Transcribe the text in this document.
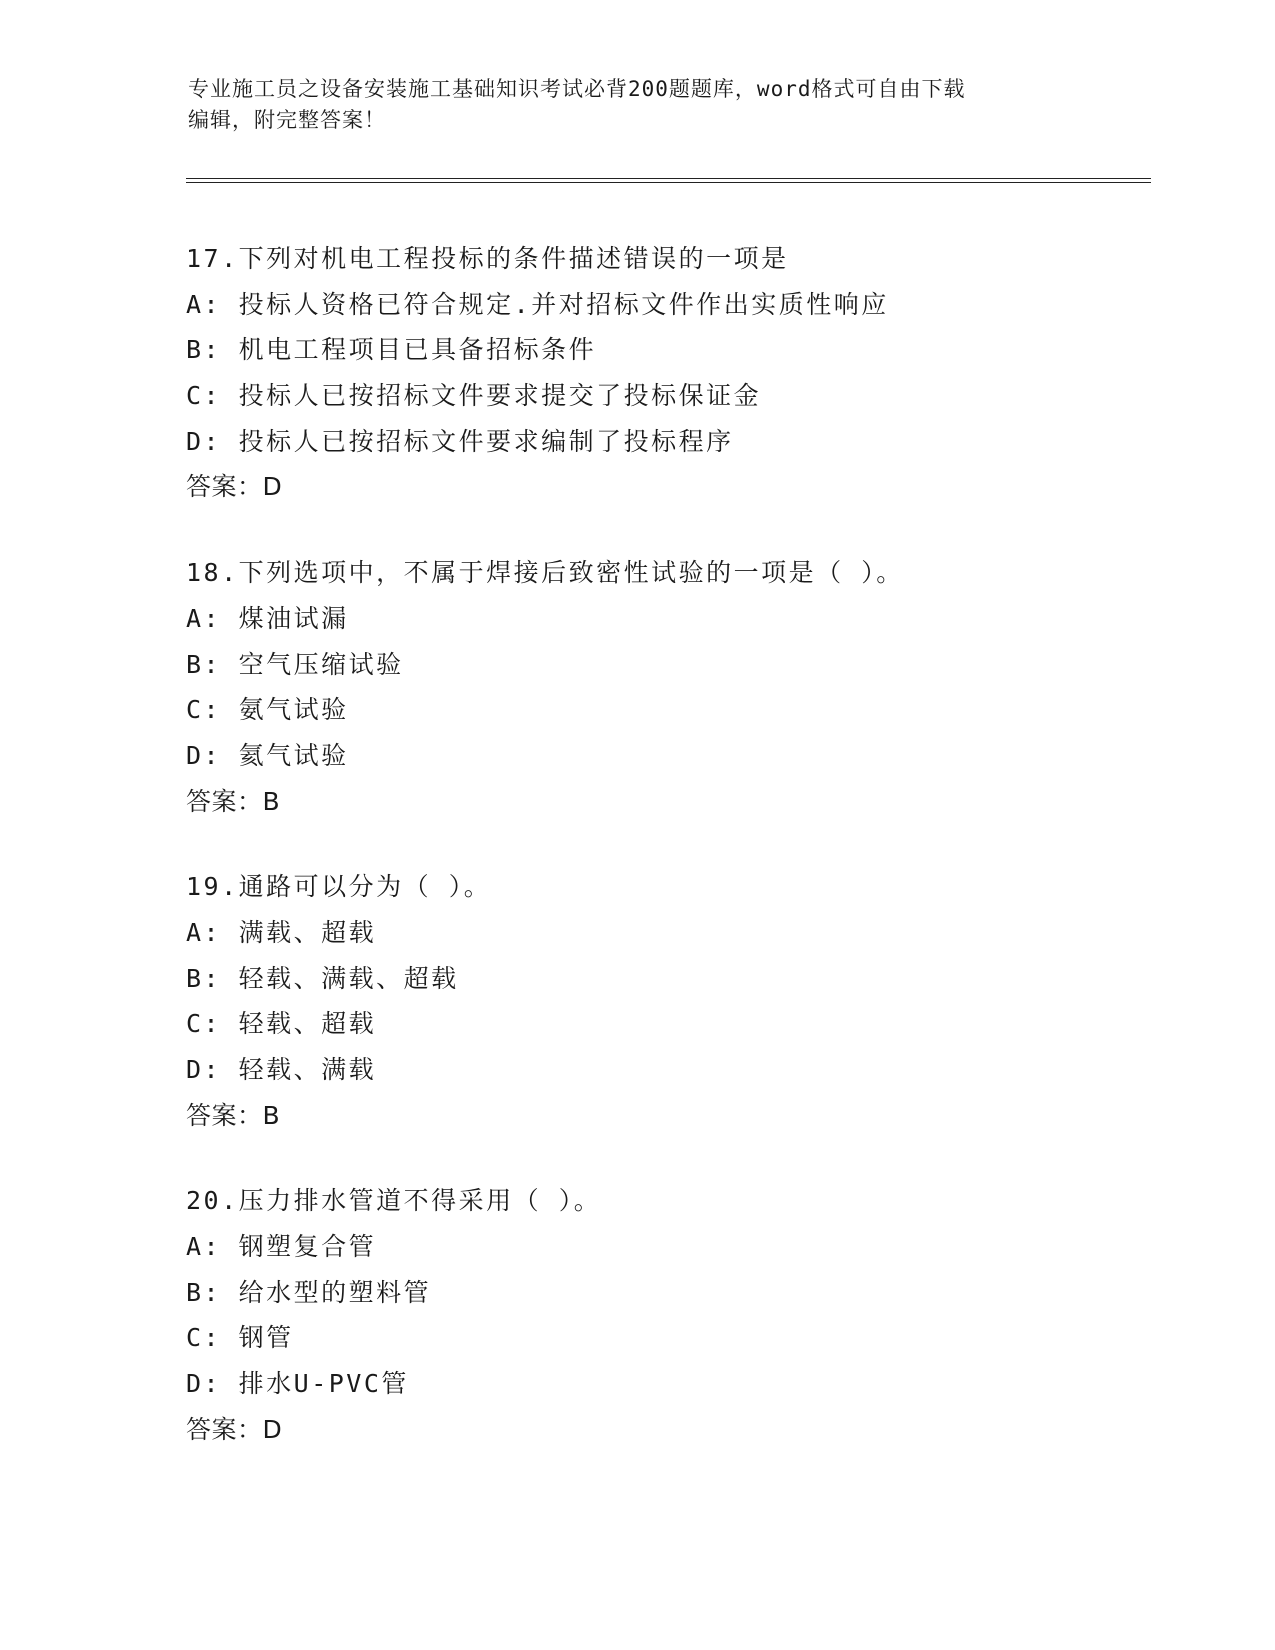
专业施工员之设备安装施工基础知识考试必背200题题库，word格式可自由下载
编辑，附完整答案！
17.下列对机电工程投标的条件描述错误的一项是
A: 投标人资格已符合规定.并对招标文件作出实质性响应
B: 机电工程项目已具备招标条件
C: 投标人已按招标文件要求提交了投标保证金
D: 投标人已按招标文件要求编制了投标程序
答案：D
18.下列选项中，不属于焊接后致密性试验的一项是（ ）。
A: 煤油试漏
B: 空气压缩试验
C: 氨气试验
D: 氦气试验
答案：B
19.通路可以分为（ ）。
A: 满载、超载
B: 轻载、满载、超载
C: 轻载、超载
D: 轻载、满载
答案：B
20.压力排水管道不得采用（ ）。
A: 钢塑复合管
B: 给水型的塑料管
C: 钢管
D: 排水U-PVC管
答案：D
